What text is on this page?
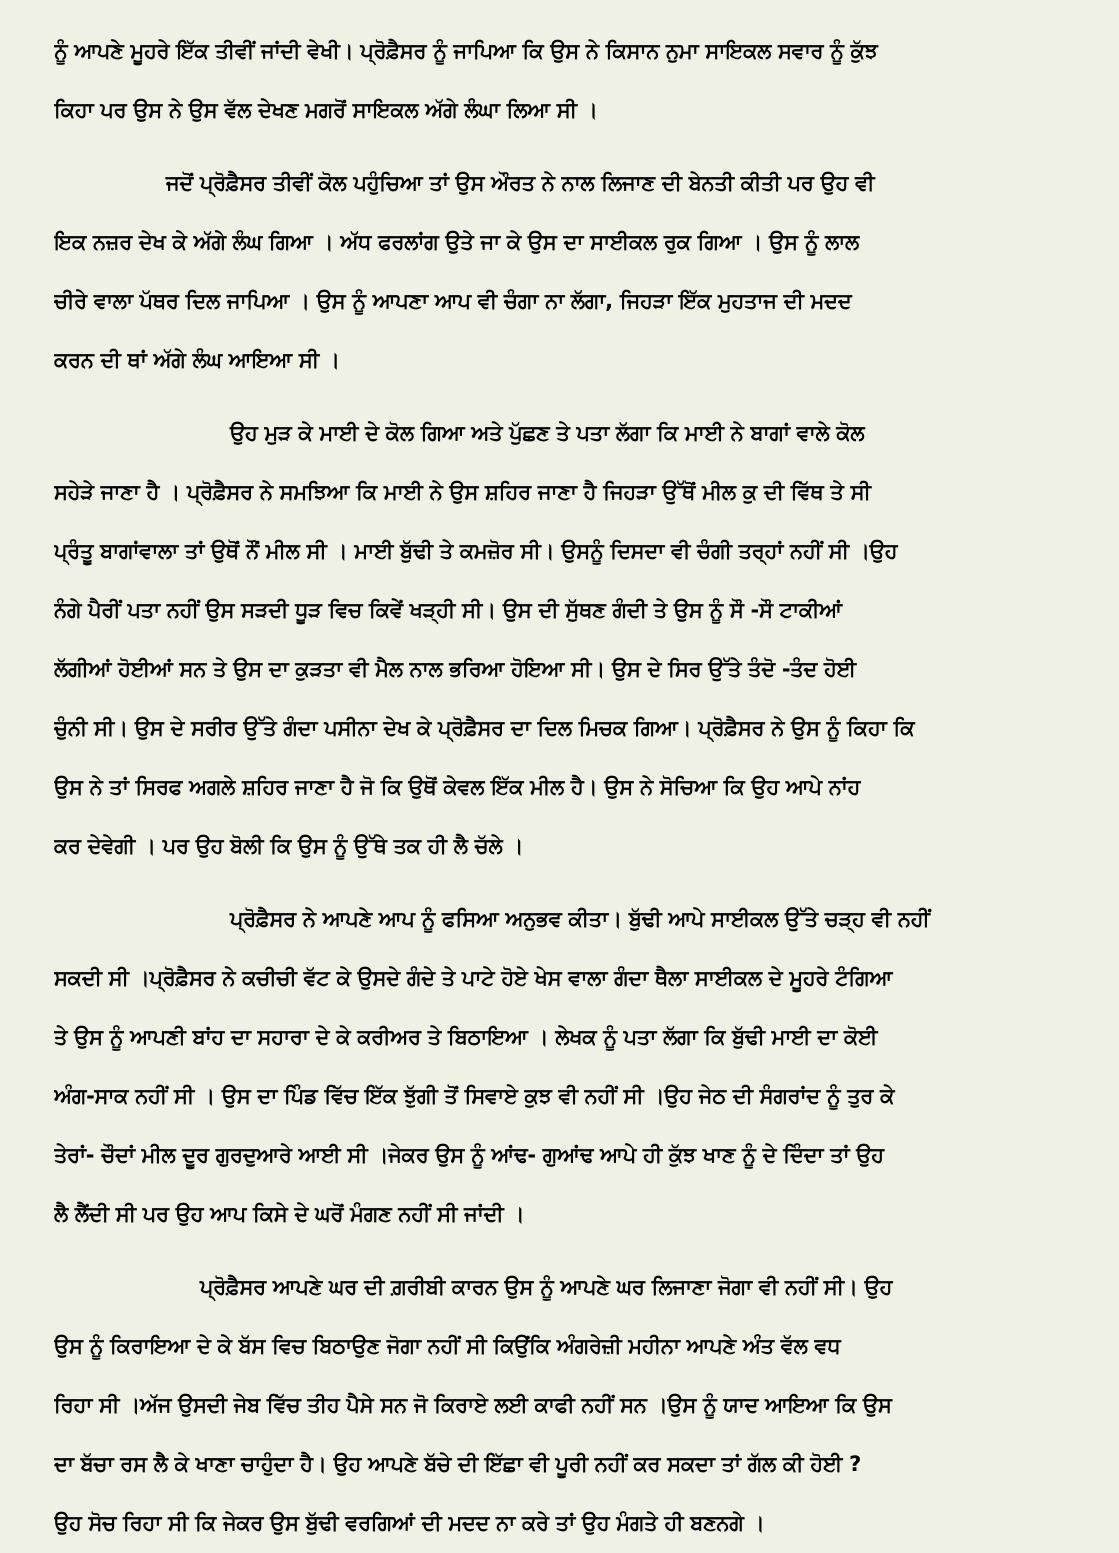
ਨੂੰ ਆਪਣੇ ਮੂਹਰੇ ਇੱਕ ਤੀਵੀਂ ਜਾਂਦੀ ਵੇਖੀ। ਪ੍ਰੋਫ਼ੈਸਰ ਨੂੰ ਜਾਪਿਆ ਕਿ ਉਸ ਨੇ ਕਿਸਾਨ ਨੁਮਾ ਸਾਇਕਲ ਸਵਾਰ ਨੂੰ ਕੁੱਝ
ਕਿਹਾ ਪਰ ਉਸ ਨੇ ਉਸ ਵੱਲ ਦੇਖਣ ਮਗਰੋਂ ਸਾਇਕਲ ਅੱਗੇ ਲੰਘਾ ਲਿਆ ਸੀ ।
ਜਦੋਂ ਪ੍ਰੋਫ਼ੈਸਰ ਤੀਵੀਂ ਕੋਲ ਪਹੁੰਚਿਆ ਤਾਂ ਉਸ ਔਰਤ ਨੇ ਨਾਲ ਲਿਜਾਣ ਦੀ ਬੇਨਤੀ ਕੀਤੀ ਪਰ ਉਹ ਵੀ
ਇਕ ਨਜ਼ਰ ਦੇਖ ਕੇ ਅੱਗੇ ਲੰਘ ਗਿਆ । ਅੱਧ ਫਰਲਾਂਗ ਉਤੇ ਜਾ ਕੇ ਉਸ ਦਾ ਸਾਈਕਲ ਰੁਕ ਗਿਆ । ਉਸ ਨੂੰ ਲਾਲ
ਚੀਰੇ ਵਾਲਾ ਪੱਥਰ ਦਿਲ ਜਾਪਿਆ । ਉਸ ਨੂੰ ਆਪਣਾ ਆਪ ਵੀ ਚੰਗਾ ਨਾ ਲੱਗਾ, ਜਿਹੜਾ ਇੱਕ ਮੁਹਤਾਜ ਦੀ ਮਦਦ
ਕਰਨ ਦੀ ਥਾਂ ਅੱਗੇ ਲੰਘ ਆਇਆ ਸੀ ।
ਉਹ ਮੁੜ ਕੇ ਮਾਈ ਦੇ ਕੋਲ ਗਿਆ ਅਤੇ ਪੁੱਛਣ ਤੇ ਪਤਾ ਲੱਗਾ ਕਿ ਮਾਈ ਨੇ ਬਾਗਾਂ ਵਾਲੇ ਕੋਲ
ਸਹੇੜੇ ਜਾਣਾ ਹੈ । ਪ੍ਰੋਫ਼ੈਸਰ ਨੇ ਸਮਝਿਆ ਕਿ ਮਾਈ ਨੇ ਉਸ ਸ਼ਹਿਰ ਜਾਣਾ ਹੈ ਜਿਹੜਾ ਉੱਥੋਂ ਮੀਲ ਕੁ ਦੀ ਵਿੱਥ ਤੇ ਸੀ
ਪ੍ਰੰਤੂ ਬਾਗਾਂਵਾਲਾ ਤਾਂ ਉਥੋਂ ਨੌਂ ਮੀਲ ਸੀ । ਮਾਈ ਬੁੱਢੀ ਤੇ ਕਮਜ਼ੋਰ ਸੀ। ਉਸਨੂੰ ਦਿਸਦਾ ਵੀ ਚੰਗੀ ਤਰ੍ਹਾਂ ਨਹੀਂ ਸੀ ।ਉਹ
ਨੰਗੇ ਪੈਰੀਂ ਪਤਾ ਨਹੀਂ ਉਸ ਸੜਦੀ ਧੂੜ ਵਿਚ ਕਿਵੇਂ ਖੜ੍ਹੀ ਸੀ। ਉਸ ਦੀ ਸੁੱਥਣ ਗੰਦੀ ਤੇ ਉਸ ਨੂੰ ਸੌ -ਸੌ ਟਾਕੀਆਂ
ਲੱਗੀਆਂ ਹੋਈਆਂ ਸਨ ਤੇ ਉਸ ਦਾ ਕੁੜਤਾ ਵੀ ਮੈਲ ਨਾਲ ਭਰਿਆ ਹੋਇਆ ਸੀ। ਉਸ ਦੇ ਸਿਰ ਉੱਤੇ ਤੰਦੋ -ਤੰਦ ਹੋਈ
ਚੁੰਨੀ ਸੀ। ਉਸ ਦੇ ਸਰੀਰ ਉੱਤੇ ਗੰਦਾ ਪਸੀਨਾ ਦੇਖ ਕੇ ਪ੍ਰੋਫ਼ੈਸਰ ਦਾ ਦਿਲ ਮਿਚਕ ਗਿਆ। ਪ੍ਰੋਫ਼ੈਸਰ ਨੇ ਉਸ ਨੂੰ ਕਿਹਾ ਕਿ
ਉਸ ਨੇ ਤਾਂ ਸਿਰਫ ਅਗਲੇ ਸ਼ਹਿਰ ਜਾਣਾ ਹੈ ਜੋ ਕਿ ਉਥੋਂ ਕੇਵਲ ਇੱਕ ਮੀਲ ਹੈ। ਉਸ ਨੇ ਸੋਚਿਆ ਕਿ ਉਹ ਆਪੇ ਨਾਂਹ
ਕਰ ਦੇਵੇਗੀ । ਪਰ ਉਹ ਬੋਲੀ ਕਿ ਉਸ ਨੂੰ ਉੱਥੇ ਤਕ ਹੀ ਲੈ ਚੱਲੇ ।
ਪ੍ਰੋਫ਼ੈਸਰ ਨੇ ਆਪਣੇ ਆਪ ਨੂੰ ਫਸਿਆ ਅਨੁਭਵ ਕੀਤਾ। ਬੁੱਢੀ ਆਪੇ ਸਾਈਕਲ ਉੱਤੇ ਚੜ੍ਹ ਵੀ ਨਹੀਂ
ਸਕਦੀ ਸੀ ।ਪ੍ਰੋਫ਼ੈਸਰ ਨੇ ਕਚੀਚੀ ਵੱਟ ਕੇ ਉਸਦੇ ਗੰਦੇ ਤੇ ਪਾਟੇ ਹੋਏ ਖੇਸ ਵਾਲਾ ਗੰਦਾ ਥੈਲਾ ਸਾਈਕਲ ਦੇ ਮੂਹਰੇ ਟੰਗਿਆ
ਤੇ ਉਸ ਨੂੰ ਆਪਣੀ ਬਾਂਹ ਦਾ ਸਹਾਰਾ ਦੇ ਕੇ ਕਰੀਅਰ ਤੇ ਬਿਠਾਇਆ । ਲੇਖਕ ਨੂੰ ਪਤਾ ਲੱਗਾ ਕਿ ਬੁੱਢੀ ਮਾਈ ਦਾ ਕੋਈ
ਅੰਗ-ਸਾਕ ਨਹੀਂ ਸੀ । ਉਸ ਦਾ ਪਿੰਡ ਵਿੱਚ ਇੱਕ ਝੁੱਗੀ ਤੋਂ ਸਿਵਾਏ ਕੁਝ ਵੀ ਨਹੀਂ ਸੀ ।ਉਹ ਜੇਠ ਦੀ ਸੰਗਰਾਂਦ ਨੂੰ ਤੁਰ ਕੇ
ਤੇਰਾਂ- ਚੌਦਾਂ ਮੀਲ ਦੂਰ ਗੁਰਦੁਆਰੇ ਆਈ ਸੀ ।ਜੇਕਰ ਉਸ ਨੂੰ ਆਂਢ- ਗੁਆਂਢ ਆਪੇ ਹੀ ਕੁੱਝ ਖਾਣ ਨੂੰ ਦੇ ਦਿੰਦਾ ਤਾਂ ਉਹ
ਲੈ ਲੈਂਦੀ ਸੀ ਪਰ ਉਹ ਆਪ ਕਿਸੇ ਦੇ ਘਰੋਂ ਮੰਗਣ ਨਹੀਂ ਸੀ ਜਾਂਦੀ ।
ਪ੍ਰੋਫ਼ੈਸਰ ਆਪਣੇ ਘਰ ਦੀ ਗ਼ਰੀਬੀ ਕਾਰਨ ਉਸ ਨੂੰ ਆਪਣੇ ਘਰ ਲਿਜਾਣਾ ਜੋਗਾ ਵੀ ਨਹੀਂ ਸੀ। ਉਹ
ਉਸ ਨੂੰ ਕਿਰਾਇਆ ਦੇ ਕੇ ਬੱਸ ਵਿਚ ਬਿਠਾਉਣ ਜੋਗਾ ਨਹੀਂ ਸੀ ਕਿਉਂਕਿ ਅੰਗਰੇਜ਼ੀ ਮਹੀਨਾ ਆਪਣੇ ਅੰਤ ਵੱਲ ਵਧ
ਰਿਹਾ ਸੀ ।ਅੱਜ ਉਸਦੀ ਜੇਬ ਵਿੱਚ ਤੀਹ ਪੈਸੇ ਸਨ ਜੋ ਕਿਰਾਏ ਲਈ ਕਾਫੀ ਨਹੀਂ ਸਨ ।ਉਸ ਨੂੰ ਯਾਦ ਆਇਆ ਕਿ ਉਸ
ਦਾ ਬੱਚਾ ਰਸ ਲੈ ਕੇ ਖਾਣਾ ਚਾਹੁੰਦਾ ਹੈ। ਉਹ ਆਪਣੇ ਬੱਚੇ ਦੀ ਇੱਛਾ ਵੀ ਪੂਰੀ ਨਹੀਂ ਕਰ ਸਕਦਾ ਤਾਂ ਗੱਲ ਕੀ ਹੋਈ ?
ਉਹ ਸੋਚ ਰਿਹਾ ਸੀ ਕਿ ਜੇਕਰ ਉਸ ਬੁੱਢੀ ਵਰਗਿਆਂ ਦੀ ਮਦਦ ਨਾ ਕਰੇ ਤਾਂ ਉਹ ਮੰਗਤੇ ਹੀ ਬਣਨਗੇ ।
